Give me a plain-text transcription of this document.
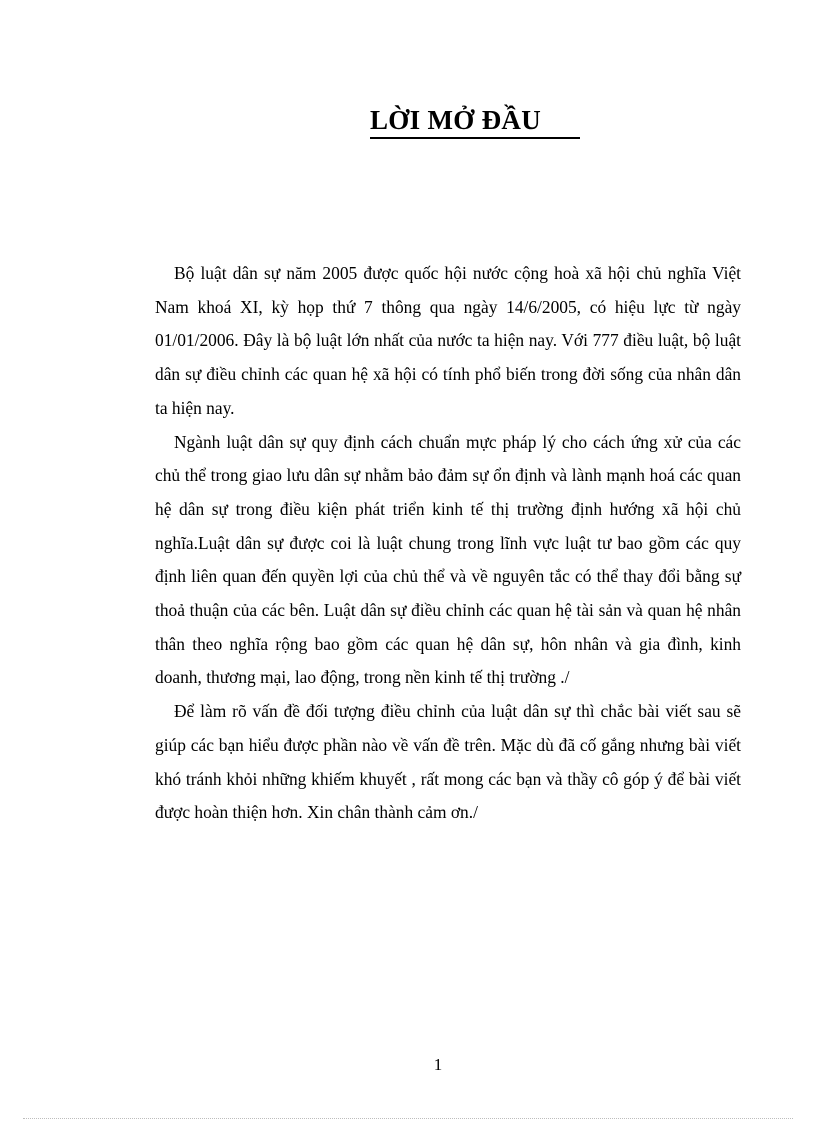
LỜI MỞ ĐẦU

Bộ luật dân sự năm 2005 được quốc hội nước cộng hoà xã hội chủ nghĩa Việt Nam khoá XI, kỳ họp thứ 7 thông qua ngày 14/6/2005, có hiệu lực từ ngày 01/01/2006. Đây là bộ luật lớn nhất của nước ta hiện nay. Với 777 điều luật, bộ luật dân sự điều chỉnh các quan hệ xã hội có tính phổ biến trong đời sống của nhân dân ta hiện nay.

Ngành luật dân sự quy định cách chuẩn mực pháp lý cho cách ứng xử của các chủ thể trong giao lưu dân sự nhằm bảo đảm sự ổn định và lành mạnh hoá các quan hệ dân sự trong điều kiện phát triển kinh tế thị trường định hướng xã hội chủ nghĩa.Luật dân sự được coi là luật chung trong lĩnh vực luật tư bao gồm các quy định liên quan đến quyền lợi của chủ thể và về nguyên tắc có thể thay đổi bằng sự thoả thuận của các bên. Luật dân sự điều chỉnh các quan hệ tài sản và quan hệ nhân thân theo nghĩa rộng bao gồm các quan hệ dân sự, hôn nhân và gia đình, kinh doanh, thương mại, lao động, trong nền kinh tế thị trường ./

Để làm rõ vấn đề đối tượng điều chỉnh của luật dân sự thì chắc bài viết sau sẽ giúp các bạn hiểu được phần nào về vấn đề trên. Mặc dù đã cố gắng nhưng bài viết khó tránh khỏi những khiếm khuyết , rất mong các bạn và thầy cô góp ý để bài viết được hoàn thiện hơn. Xin chân thành cảm ơn./

1
